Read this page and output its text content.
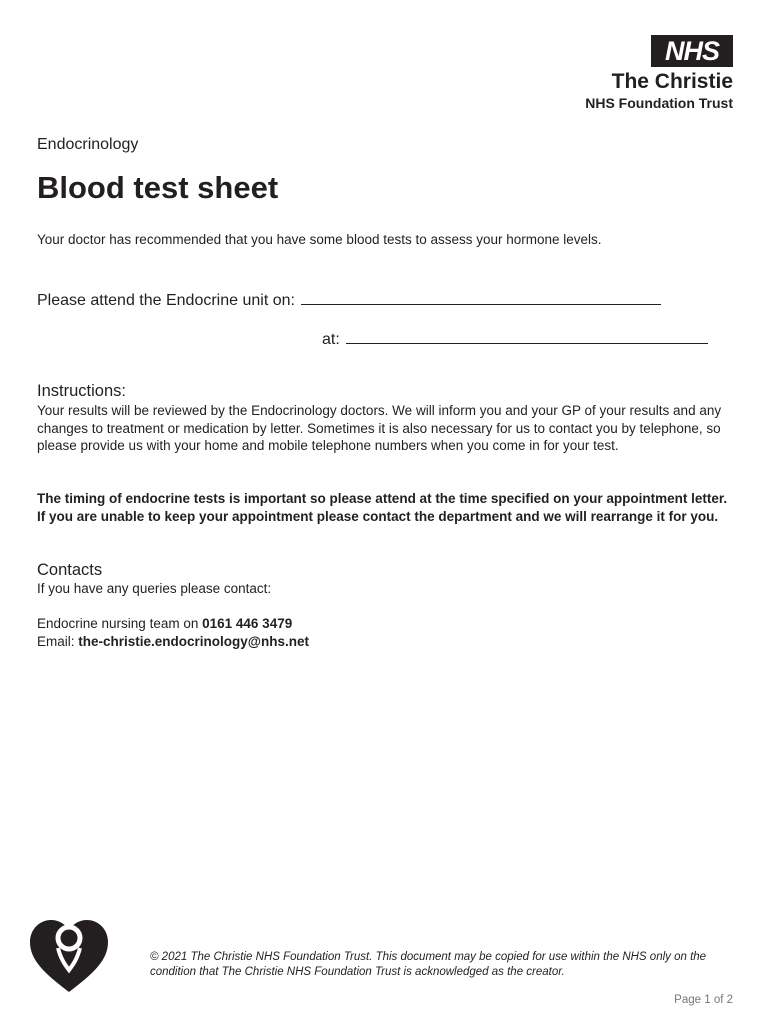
NHS
The Christie
NHS Foundation Trust
Endocrinology
Blood test sheet
Your doctor has recommended that you have some blood tests to assess your hormone levels.
Please attend the Endocrine unit on:
at:
Instructions:
Your results will be reviewed by the Endocrinology doctors. We will inform you and your GP of your results and any changes to treatment or medication by letter. Sometimes it is also necessary for us to contact you by telephone, so please provide us with your home and mobile telephone numbers when you come in for your test.
The timing of endocrine tests is important so please attend at the time specified on your appointment letter. If you are unable to keep your appointment please contact the department and we will rearrange it for you.
Contacts
If you have any queries please contact:
Endocrine nursing team on 0161 446 3479
Email: the-christie.endocrinology@nhs.net
© 2021 The Christie NHS Foundation Trust. This document may be copied for use within the NHS only on the condition that The Christie NHS Foundation Trust is acknowledged as the creator.
Page 1 of 2
